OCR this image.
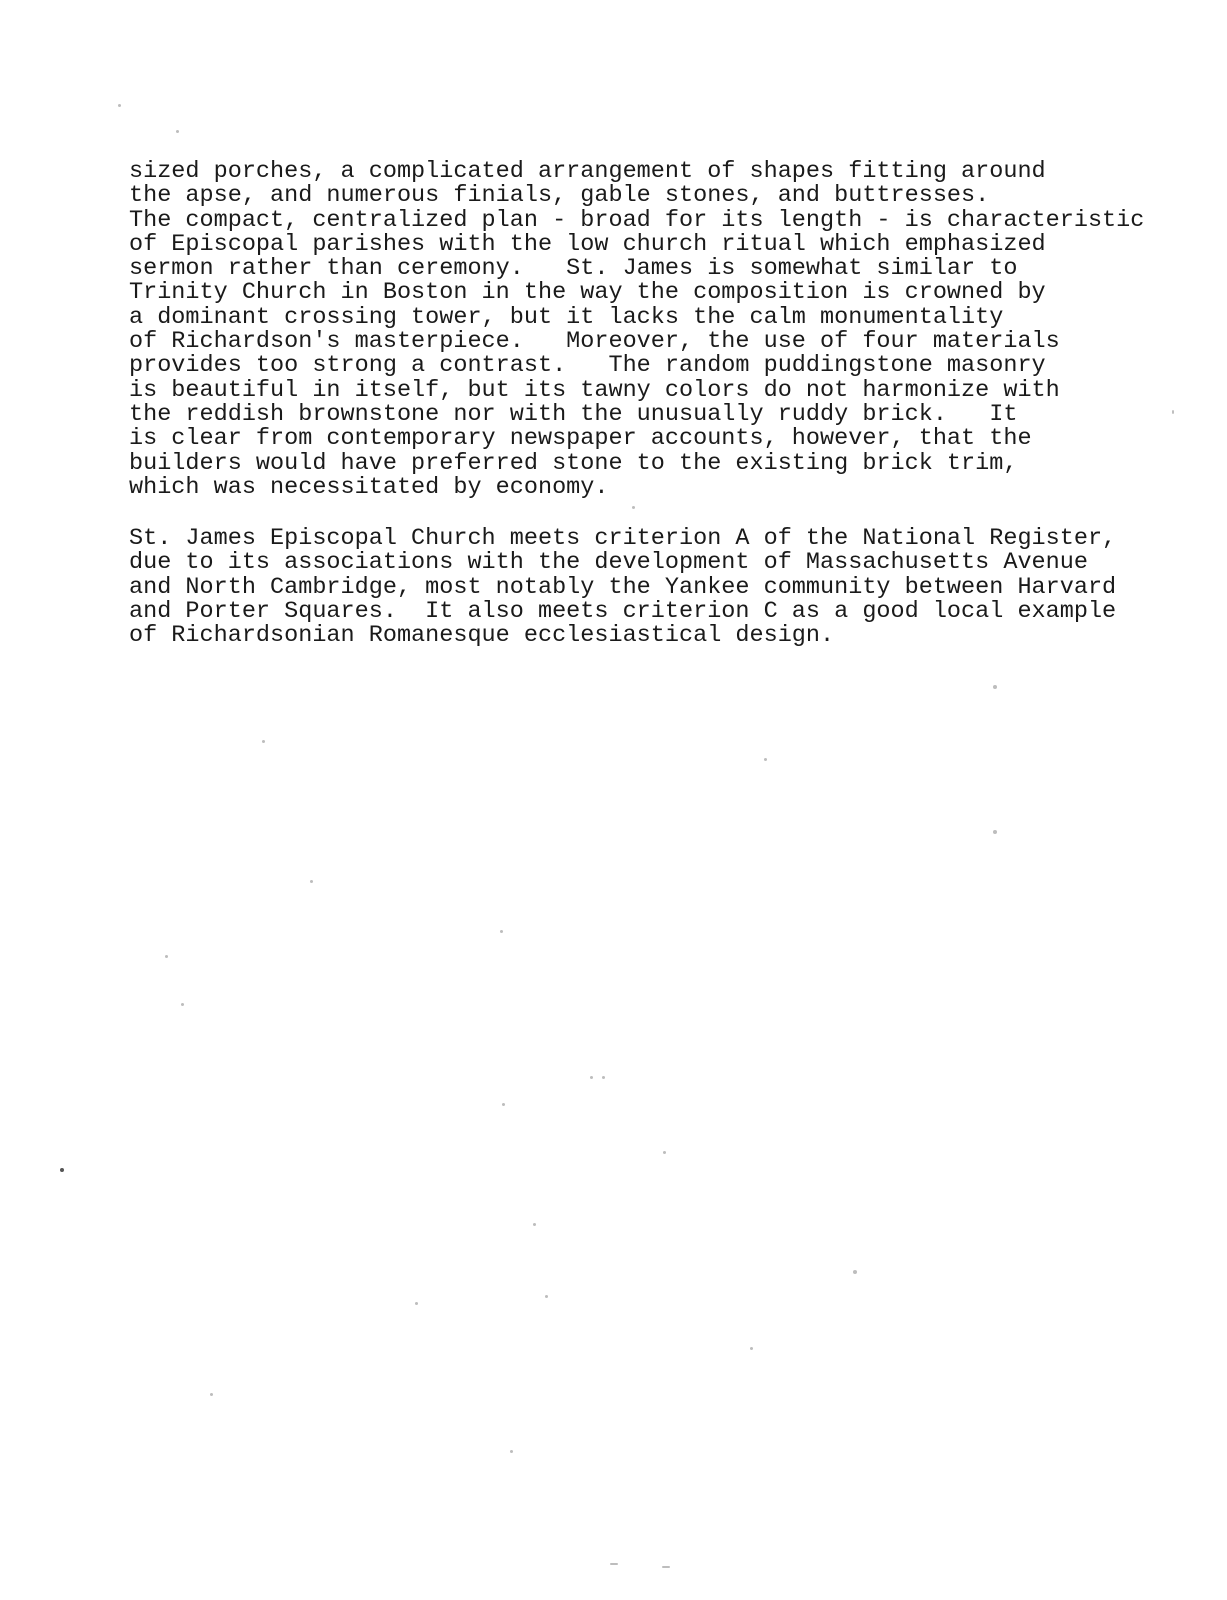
sized porches, a complicated arrangement of shapes fitting around
the apse, and numerous finials, gable stones, and buttresses.
The compact, centralized plan - broad for its length - is characteristic
of Episcopal parishes with the low church ritual which emphasized
sermon rather than ceremony.   St. James is somewhat similar to
Trinity Church in Boston in the way the composition is crowned by
a dominant crossing tower, but it lacks the calm monumentality
of Richardson's masterpiece.   Moreover, the use of four materials
provides too strong a contrast.   The random puddingstone masonry
is beautiful in itself, but its tawny colors do not harmonize with
the reddish brownstone nor with the unusually ruddy brick.   It
is clear from contemporary newspaper accounts, however, that the
builders would have preferred stone to the existing brick trim,
which was necessitated by economy.
St. James Episcopal Church meets criterion A of the National Register,
due to its associations with the development of Massachusetts Avenue
and North Cambridge, most notably the Yankee community between Harvard
and Porter Squares.  It also meets criterion C as a good local example
of Richardsonian Romanesque ecclesiastical design.
